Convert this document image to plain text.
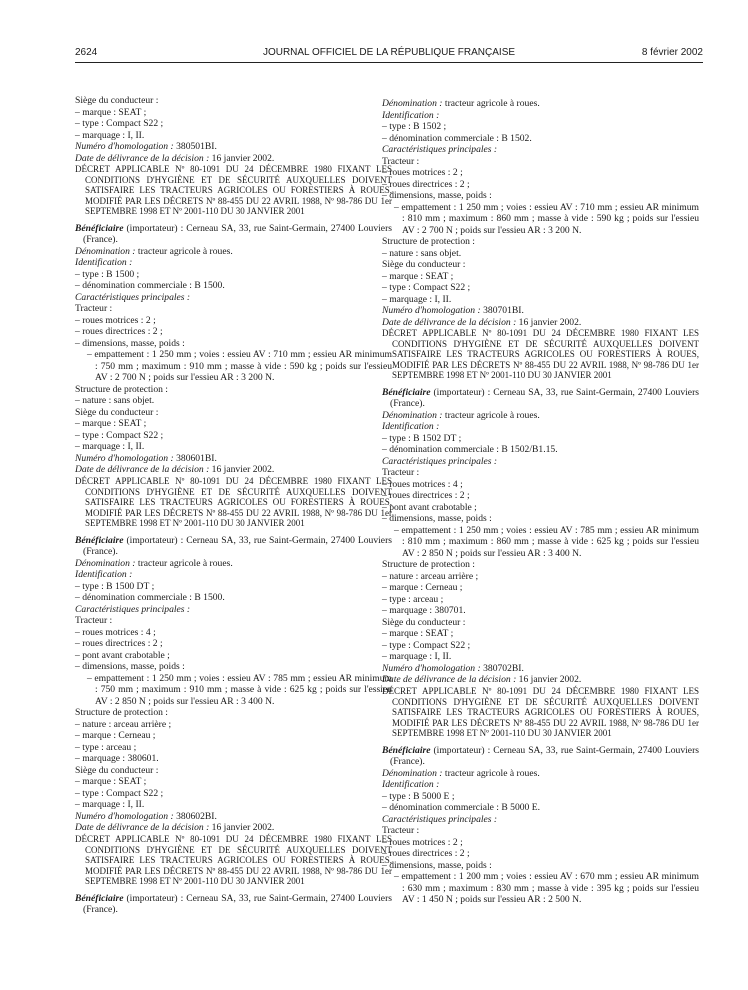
2624	JOURNAL OFFICIEL DE LA RÉPUBLIQUE FRANÇAISE	8 février 2002

Siège du conducteur :

– marque : SEAT ;

– type : Compact S22 ;

– marquage : I, II.

Numéro d'homologation : 380501BI.

Date de délivrance de la décision : 16 janvier 2002.

DÉCRET APPLICABLE Nº 80-1091 DU 24 DÉCEMBRE 1980 FIXANT LES CONDITIONS D'HYGIÈNE ET DE SÉCURITÉ AUXQUELLES DOIVENT SATISFAIRE LES TRACTEURS AGRICOLES OU FORESTIERS À ROUES, MODIFIÉ PAR LES DÉCRETS Nº 88-455 DU 22 AVRIL 1988, Nº 98-786 DU 1er SEPTEMBRE 1998 ET Nº 2001-110 DU 30 JANVIER 2001

Bénéficiaire (importateur) : Cerneau SA, 33, rue Saint-Germain, 27400 Louviers (France).

Dénomination : tracteur agricole à roues.

Identification :

– type : B 1500 ;

– dénomination commerciale : B 1500.

Caractéristiques principales :

Tracteur :

– roues motrices : 2 ;

– roues directrices : 2 ;

– dimensions, masse, poids :

– empattement : 1 250 mm ; voies : essieu AV : 710 mm ; essieu AR minimum : 750 mm ; maximum : 910 mm ; masse à vide : 590 kg ; poids sur l'essieu AV : 2 700 N ; poids sur l'essieu AR : 3 200 N.

Structure de protection :

– nature : sans objet.

Siège du conducteur :

– marque : SEAT ;

– type : Compact S22 ;

– marquage : I, II.

Numéro d'homologation : 380601BI.

Date de délivrance de la décision : 16 janvier 2002.

DÉCRET APPLICABLE Nº 80-1091 DU 24 DÉCEMBRE 1980 FIXANT LES CONDITIONS D'HYGIÈNE ET DE SÉCURITÉ AUXQUELLES DOIVENT SATISFAIRE LES TRACTEURS AGRICOLES OU FORESTIERS À ROUES, MODIFIÉ PAR LES DÉCRETS Nº 88-455 DU 22 AVRIL 1988, Nº 98-786 DU 1er SEPTEMBRE 1998 ET Nº 2001-110 DU 30 JANVIER 2001

Bénéficiaire (importateur) : Cerneau SA, 33, rue Saint-Germain, 27400 Louviers (France).

Dénomination : tracteur agricole à roues.

Identification :

– type : B 1500 DT ;

– dénomination commerciale : B 1500.

Caractéristiques principales :

Tracteur :

– roues motrices : 4 ;

– roues directrices : 2 ;

– pont avant crabotable ;

– dimensions, masse, poids :

– empattement : 1 250 mm ; voies : essieu AV : 785 mm ; essieu AR minimum : 750 mm ; maximum : 910 mm ; masse à vide : 625 kg ; poids sur l'essieu AV : 2 850 N ; poids sur l'essieu AR : 3 400 N.

Structure de protection :

– nature : arceau arrière ;

– marque : Cerneau ;

– type : arceau ;

– marquage : 380601.

Siège du conducteur :

– marque : SEAT ;

– type : Compact S22 ;

– marquage : I, II.

Numéro d'homologation : 380602BI.

Date de délivrance de la décision : 16 janvier 2002.

DÉCRET APPLICABLE Nº 80-1091 DU 24 DÉCEMBRE 1980 FIXANT LES CONDITIONS D'HYGIÈNE ET DE SÉCURITÉ AUXQUELLES DOIVENT SATISFAIRE LES TRACTEURS AGRICOLES OU FORESTIERS À ROUES, MODIFIÉ PAR LES DÉCRETS Nº 88-455 DU 22 AVRIL 1988, Nº 98-786 DU 1er SEPTEMBRE 1998 ET Nº 2001-110 DU 30 JANVIER 2001

Bénéficiaire (importateur) : Cerneau SA, 33, rue Saint-Germain, 27400 Louviers (France).

Dénomination : tracteur agricole à roues.

Identification :

– type : B 1502 ;

– dénomination commerciale : B 1502.

Caractéristiques principales :

Tracteur :

– roues motrices : 2 ;

– roues directrices : 2 ;

– dimensions, masse, poids :

– empattement : 1 250 mm ; voies : essieu AV : 710 mm ; essieu AR minimum : 810 mm ; maximum : 860 mm ; masse à vide : 590 kg ; poids sur l'essieu AV : 2 700 N ; poids sur l'essieu AR : 3 200 N.

Structure de protection :

– nature : sans objet.

Siège du conducteur :

– marque : SEAT ;

– type : Compact S22 ;

– marquage : I, II.

Numéro d'homologation : 380701BI.

Date de délivrance de la décision : 16 janvier 2002.

DÉCRET APPLICABLE Nº 80-1091 DU 24 DÉCEMBRE 1980 FIXANT LES CONDITIONS D'HYGIÈNE ET DE SÉCURITÉ AUXQUELLES DOIVENT SATISFAIRE LES TRACTEURS AGRICOLES OU FORESTIERS À ROUES, MODIFIÉ PAR LES DÉCRETS Nº 88-455 DU 22 AVRIL 1988, Nº 98-786 DU 1er SEPTEMBRE 1998 ET Nº 2001-110 DU 30 JANVIER 2001

Bénéficiaire (importateur) : Cerneau SA, 33, rue Saint-Germain, 27400 Louviers (France).

Dénomination : tracteur agricole à roues.

Identification :

– type : B 1502 DT ;

– dénomination commerciale : B 1502/B1.15.

Caractéristiques principales :

Tracteur :

– roues motrices : 4 ;

– roues directrices : 2 ;

– pont avant crabotable ;

– dimensions, masse, poids :

– empattement : 1 250 mm ; voies : essieu AV : 785 mm ; essieu AR minimum : 810 mm ; maximum : 860 mm ; masse à vide : 625 kg ; poids sur l'essieu AV : 2 850 N ; poids sur l'essieu AR : 3 400 N.

Structure de protection :

– nature : arceau arrière ;

– marque : Cerneau ;

– type : arceau ;

– marquage : 380701.

Siège du conducteur :

– marque : SEAT ;

– type : Compact S22 ;

– marquage : I, II.

Numéro d'homologation : 380702BI.

Date de délivrance de la décision : 16 janvier 2002.

DÉCRET APPLICABLE Nº 80-1091 DU 24 DÉCEMBRE 1980 FIXANT LES CONDITIONS D'HYGIÈNE ET DE SÉCURITÉ AUXQUELLES DOIVENT SATISFAIRE LES TRACTEURS AGRICOLES OU FORESTIERS À ROUES, MODIFIÉ PAR LES DÉCRETS Nº 88-455 DU 22 AVRIL 1988, Nº 98-786 DU 1er SEPTEMBRE 1998 ET Nº 2001-110 DU 30 JANVIER 2001

Bénéficiaire (importateur) : Cerneau SA, 33, rue Saint-Germain, 27400 Louviers (France).

Dénomination : tracteur agricole à roues.

Identification :

– type : B 5000 E ;

– dénomination commerciale : B 5000 E.

Caractéristiques principales :

Tracteur :

– roues motrices : 2 ;

– roues directrices : 2 ;

– dimensions, masse, poids :

– empattement : 1 200 mm ; voies : essieu AV : 670 mm ; essieu AR minimum : 630 mm ; maximum : 830 mm ; masse à vide : 395 kg ; poids sur l'essieu AV : 1 450 N ; poids sur l'essieu AR : 2 500 N.
